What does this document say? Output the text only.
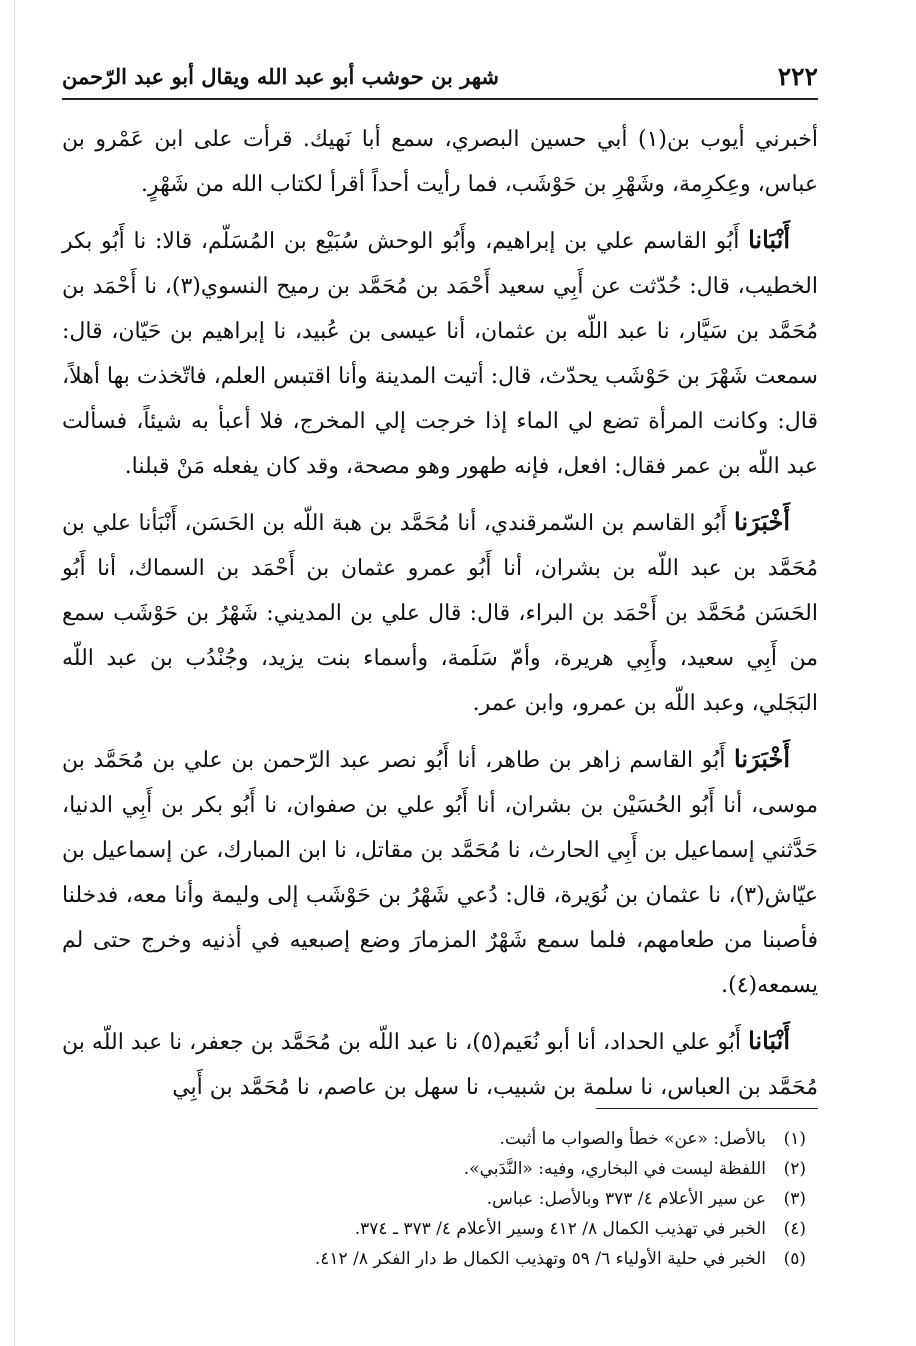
٢٢٢
شهر بن حوشب أبو عبد الله ويقال أبو عبد الرّحمن

أخبرني أيوب بن(١) أبي حسين البصري، سمع أبا نَهيك. قرأت على ابن عَمْرو بن عباس، وعِكرِمة، وشَهْرِ بن حَوْشَب، فما رأيت أحداً أقرأ لكتاب الله من شَهْرٍ.

أَنْبَانا أَبُو القاسم علي بن إبراهيم، وأَبُو الوحش سُبَيْع بن المُسَلّم، قالا: نا أَبُو بكر الخطيب، قال: حُدّثت عن أَبِي سعيد أَحْمَد بن مُحَمَّد بن رميح النسوي(٣)، نا أَحْمَد بن مُحَمَّد بن سَيَّار، نا عبد اللّه بن عثمان، أنا عيسى بن عُبيد، نا إبراهيم بن حَيّان، قال: سمعت شَهْرَ بن حَوْشَب يحدّث، قال: أتيت المدينة وأنا اقتبس العلم، فاتّخذت بها أهلاً، قال: وكانت المرأة تضع لي الماء إذا خرجت إلي المخرج، فلا أعبأ به شيئاً، فسألت عبد اللّه بن عمر فقال: افعل، فإنه طهور وهو مصحة، وقد كان يفعله مَنْ قبلنا.

أَخْبَرَنا أَبُو القاسم بن السّمرقندي، أنا مُحَمَّد بن هبة اللّه بن الحَسَن، أَنْبَأنا علي بن مُحَمَّد بن عبد اللّه بن بشران، أنا أَبُو عمرو عثمان بن أَحْمَد بن السماك، أنا أَبُو الحَسَن مُحَمَّد بن أَحْمَد بن البراء، قال: قال علي بن المديني: شَهْرُ بن حَوْشَب سمع من أَبِي سعيد، وأَبِي هريرة، وأمّ سَلَمة، وأسماء بنت يزيد، وجُنْدُب بن عبد اللّه البَجَلي، وعبد اللّه بن عمرو، وابن عمر.

أَخْبَرَنا أَبُو القاسم زاهر بن طاهر، أنا أَبُو نصر عبد الرّحمن بن علي بن مُحَمَّد بن موسى، أنا أَبُو الحُسَيْن بن بشران، أنا أَبُو علي بن صفوان، نا أَبُو بكر بن أَبِي الدنيا، حَدَّثني إسماعيل بن أَبِي الحارث، نا مُحَمَّد بن مقاتل، نا ابن المبارك، عن إسماعيل بن عيّاش(٣)، نا عثمان بن نُوَيرة، قال: دُعي شَهْرُ بن حَوْشَب إلى وليمة وأنا معه، فدخلنا فأصبنا من طعامهم، فلما سمع شَهْرٌ المزمارَ وضع إصبعيه في أذنيه وخرج حتى لم يسمعه(٤).

أَنْبَانا أَبُو علي الحداد، أنا أبو نُعَيم(٥)، نا عبد اللّه بن مُحَمَّد بن جعفر، نا عبد اللّه بن مُحَمَّد بن العباس، نا سلمة بن شبيب، نا سهل بن عاصم، نا مُحَمَّد بن أَبِي

(١)
بالأصل: «عن» خطأ والصواب ما أثبت.
(٢)
اللفظة ليست في البخاري، وفيه: «النَّدَبي».
(٣)
عن سير الأعلام ٤/ ٣٧٣ وبالأصل: عباس.
(٤)
الخبر في تهذيب الكمال ٨/ ٤١٢ وسير الأعلام ٤/ ٣٧٣ ـ ٣٧٤.
(٥)
الخبر في حلية الأولياء ٦/ ٥٩ وتهذيب الكمال ط دار الفكر ٨/ ٤١٢.
